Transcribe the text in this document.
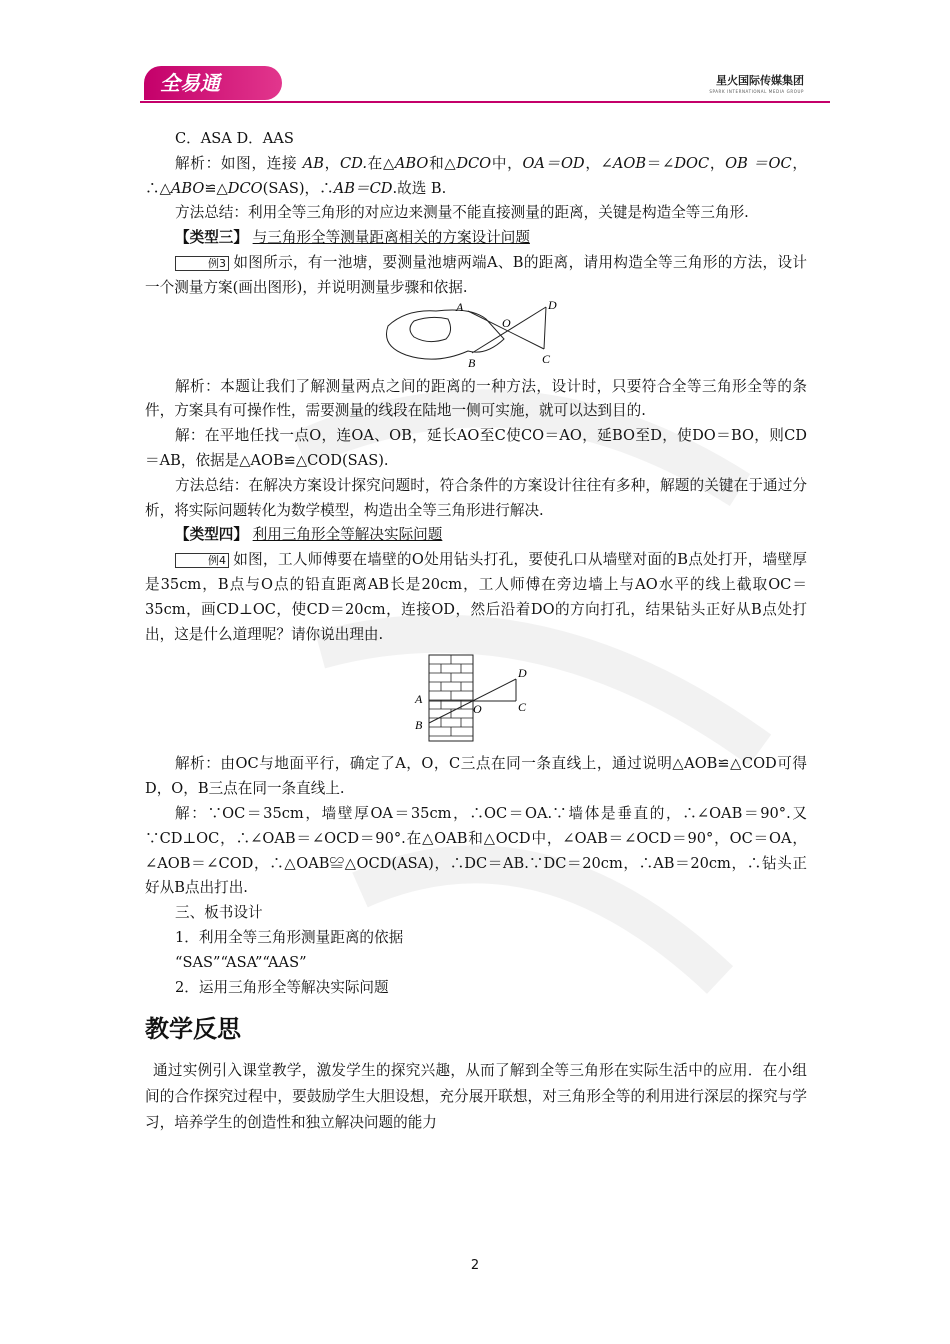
全易通	星火国际传媒集团
SPARK INTERNATIONAL MEDIA GROUP

C．ASA D．AAS

解析：如图，连接 AB，CD.在△ABO和△DCO中，OA＝OD，∠AOB＝∠DOC，OB ＝OC，∴△ABO≌△DCO(SAS)，∴AB＝CD.故选 B.

方法总结：利用全等三角形的对应边来测量不能直接测量的距离，关键是构造全等三角形.

【类型三】 与三角形全等测量距离相关的方案设计问题

例3 如图所示，有一池塘，要测量池塘两端A、B的距离，请用构造全等三角形的方法，设计一个测量方案(画出图形)，并说明测量步骤和依据.

A
B
O
C
D

解析：本题让我们了解测量两点之间的距离的一种方法，设计时，只要符合全等三角形全等的条件，方案具有可操作性，需要测量的线段在陆地一侧可实施，就可以达到目的.

解：在平地任找一点O，连OA、OB，延长AO至C使CO＝AO，延BO至D，使DO＝BO，则CD＝AB，依据是△AOB≌△COD(SAS).

方法总结：在解决方案设计探究问题时，符合条件的方案设计往往有多种，解题的关键在于通过分析，将实际问题转化为数学模型，构造出全等三角形进行解决.

【类型四】 利用三角形全等解决实际问题

例4 如图，工人师傅要在墙壁的O处用钻头打孔，要使孔口从墙壁对面的B点处打开，墙壁厚是35cm，B点与O点的铅直距离AB长是20cm，工人师傅在旁边墙上与AO水平的线上截取OC＝35cm，画CD⊥OC，使CD＝20cm，连接OD，然后沿着DO的方向打孔，结果钻头正好从B点处打出，这是什么道理呢？请你说出理由.

A
B
O	C
D

解析：由OC与地面平行，确定了A，O，C三点在同一条直线上，通过说明△AOB≌△COD可得D，O，B三点在同一条直线上.

解：∵OC＝35cm，墙壁厚OA＝35cm，∴OC＝OA.∵墙体是垂直的，∴∠OAB＝90°.又∵CD⊥OC，∴∠OAB＝∠OCD＝90°.在△OAB和△OCD中，∠OAB＝∠OCD＝90°，OC＝OA，∠AOB＝∠COD，∴△OAB≌△OCD(ASA)，∴DC＝AB.∵DC＝20cm，∴AB＝20cm，∴钻头正好从B点出打出.

三、板书设计

1．利用全等三角形测量距离的依据

“SAS”“ASA”“AAS”

2．运用三角形全等解决实际问题

教学反思

通过实例引入课堂教学，激发学生的探究兴趣，从而了解到全等三角形在实际生活中的应用．在小组间的合作探究过程中，要鼓励学生大胆设想，充分展开联想，对三角形全等的利用进行深层的探究与学习，培养学生的创造性和独立解决问题的能力

2
